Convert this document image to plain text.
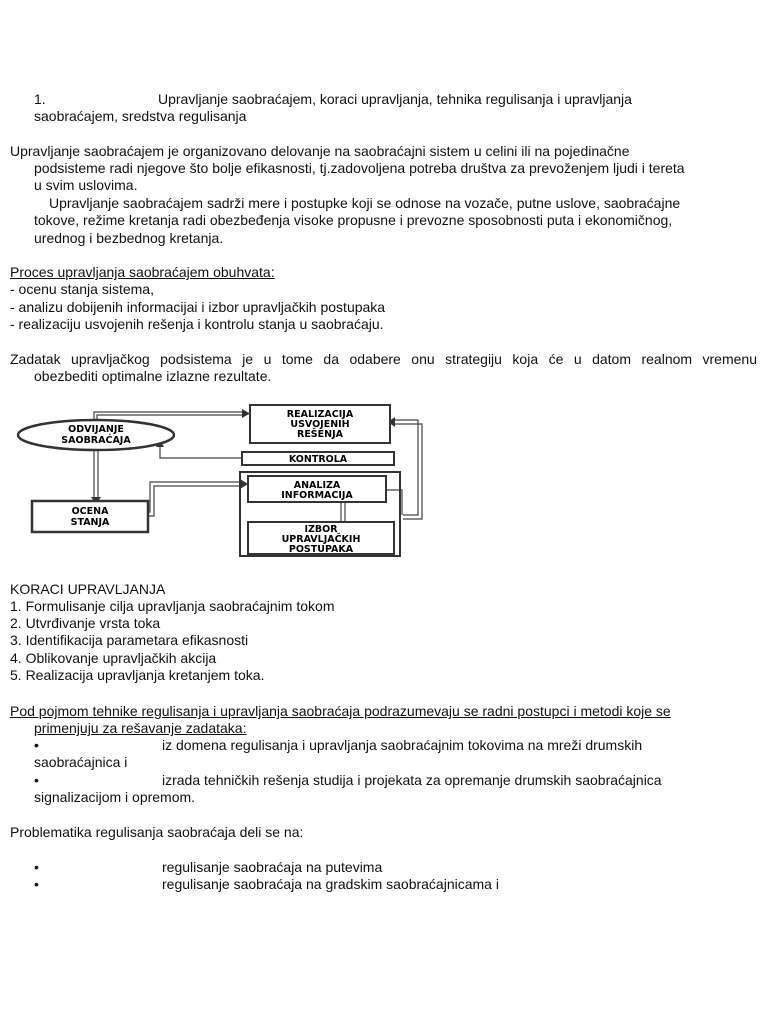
1.	Upravljanje saobraćajem, koraci upravljanja, tehnika regulisanja i upravljanja
saobraćajem, sredstva regulisanja
Upravljanje saobraćajem je organizovano delovanje na saobraćajni sistem u celini ili na pojedinačne
podsisteme radi njegove što bolje efikasnosti, tj.zadovoljena potreba društva za prevoženjem ljudi i tereta
u svim uslovima.
Upravljanje saobraćajem sadrži mere i postupke koji se odnose na vozače, putne uslove, saobraćajne
tokove, režime kretanja radi obezbeđenja visoke propusne i prevozne sposobnosti puta i ekonomičnog,
urednog i bezbednog kretanja.
Proces upravljanja saobraćajem obuhvata:
- ocenu stanja sistema,
- analizu dobijenih informacijai i izbor upravljačkih postupaka
- realizaciju usvojenih rešenja i kontrolu stanja u saobraćaju.
Zadatak upravljačkog podsistema je u tome da odabere onu strategiju koja će u datom realnom vremenu
obezbediti optimalne izlazne rezultate.
ODVIJANJE
SAOBRAĆAJA
REALIZACIJA
USVOJENIH
REŠENJA
KONTROLA
ANALIZA
INFORMACIJA
IZBOR
UPRAVLJAČKIH
POSTUPAKA
OCENA
STANJA
KORACI UPRAVLJANJA
1. Formulisanje cilja upravljanja saobraćajnim tokom
2. Utvrđivanje vrsta toka
3. Identifikacija parametara efikasnosti
4. Oblikovanje upravljačkih akcija
5. Realizacija upravljanja kretanjem toka.
Pod pojmom tehnike regulisanja i upravljanja saobraćaja podrazumevaju se radni postupci i metodi koje se
primenjuju za rešavanje zadataka:
•	iz domena regulisanja i upravljanja saobraćajnim tokovima na mreži drumskih
saobraćajnica i
•	izrada tehničkih rešenja studija i projekata za opremanje drumskih saobraćajnica
signalizacijom i opremom.
Problematika regulisanja saobraćaja deli se na:
•	regulisanje saobraćaja na putevima
•	regulisanje saobraćaja na gradskim saobraćajnicama i
